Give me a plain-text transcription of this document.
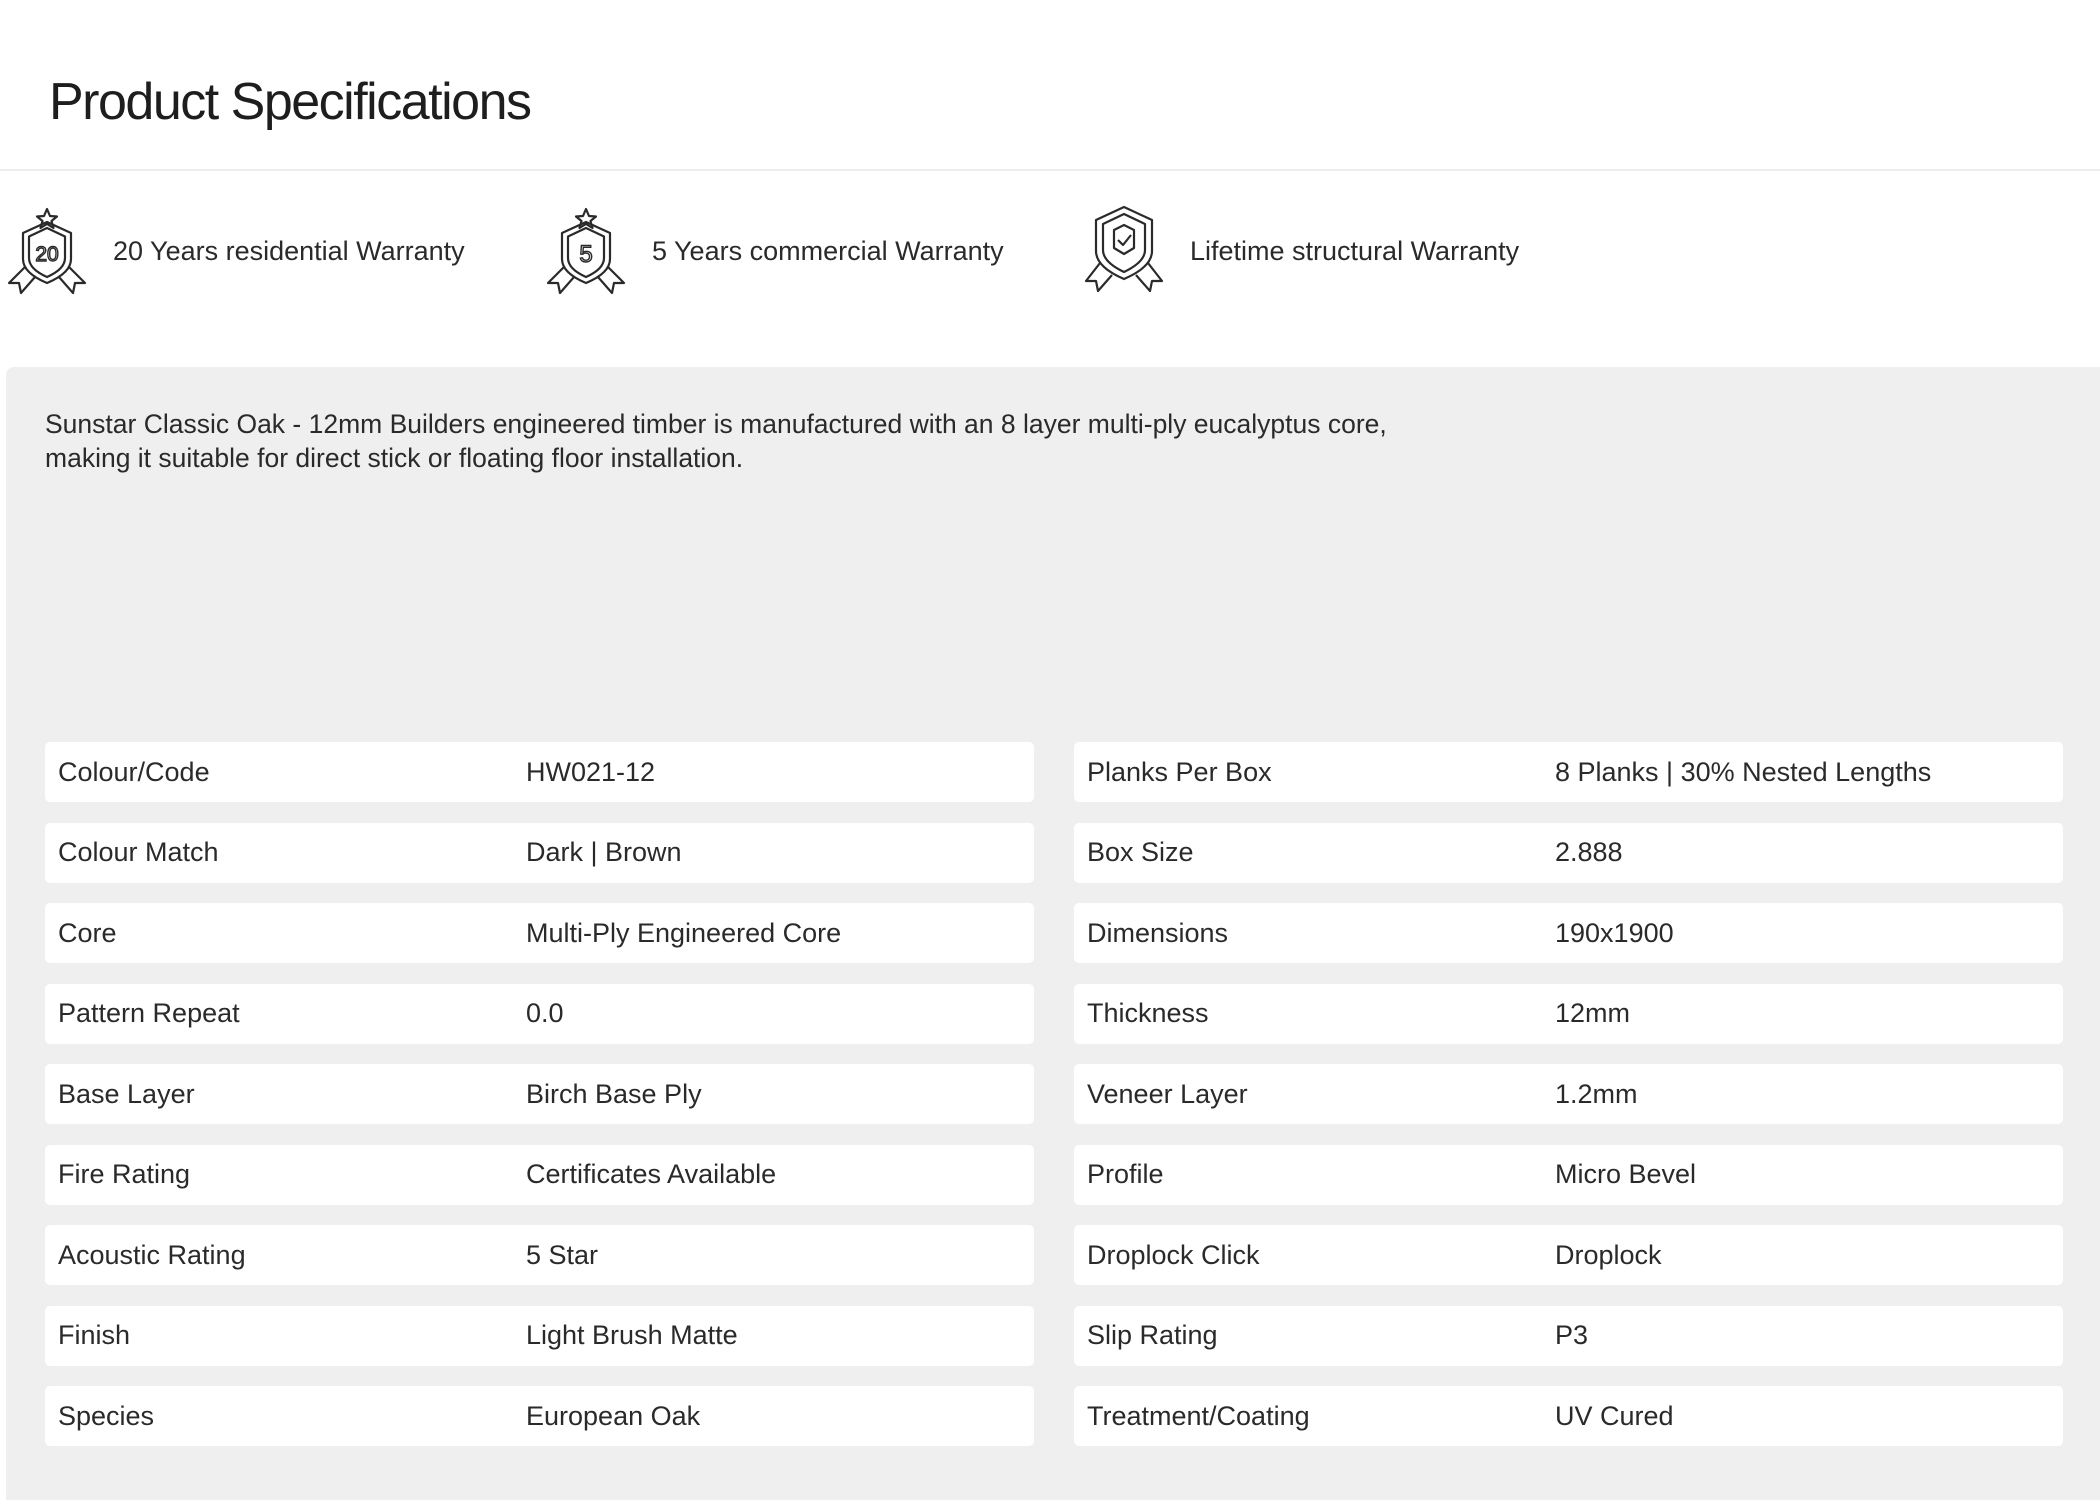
Product Specifications
20 20 Years residential Warranty	5 5 Years commercial Warranty	Lifetime structural Warranty

Sunstar Classic Oak - 12mm Builders engineered timber is manufactured with an 8 layer multi-ply eucalyptus core, making it suitable for direct stick or floating floor installation.

Colour/Code	HW021-12
Colour Match	Dark | Brown
Core	Multi-Ply Engineered Core
Pattern Repeat	0.0
Base Layer	Birch Base Ply
Fire Rating	Certificates Available
Acoustic Rating	5 Star
Finish	Light Brush Matte
Species	European Oak
Planks Per Box	8 Planks | 30% Nested Lengths
Box Size	2.888
Dimensions	190x1900
Thickness	12mm
Veneer Layer	1.2mm
Profile	Micro Bevel
Droplock Click	Droplock
Slip Rating	P3
Treatment/Coating	UV Cured
